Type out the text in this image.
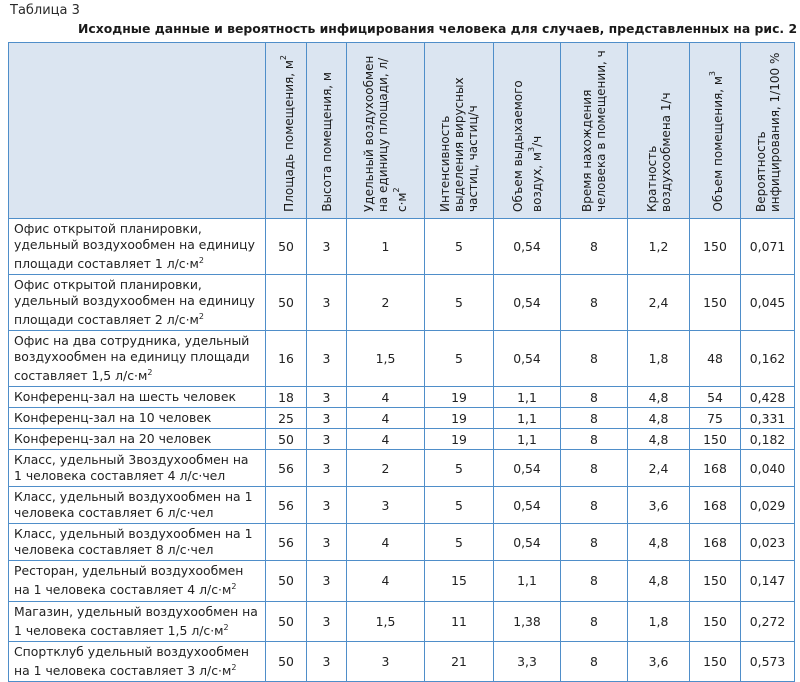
Таблица 3
Исходные данные и вероятность инфицирования человека для случаев, представленных на рис. 2

	Площадь помещения, $м^2$	Высота помещения, м	Удельный воздухообмен на единицу площади, $л/с\cdot м^2$	Интенсивность выделения вирусных частиц, частиц/ч	Объем выдыхаемого воздух, $м^3/ч$	Время нахождения человека в помещении, ч	Кратность воздухообмена 1/ч	Объем помещения, $м^3$	Вероятность инфицирования, 1/100 %

Офис открытой планировки, удельный воздухообмен на единицу площади составляет 1 $л/с\cdot м^2$	50	3	1	5	0,54	8	1,2	150	0,071
Офис открытой планировки, удельный воздухообмен на единицу площади составляет 2 $л/с\cdot м^2$	50	3	2	5	0,54	8	2,4	150	0,045
Офис на два сотрудника, удельный воздухообмен на единицу площади составляет 1,5 $л/с\cdot м^2$	16	3	1,5	5	0,54	8	1,8	48	0,162
Конференц-зал на шесть человек	18	3	4	19	1,1	8	4,8	54	0,428
Конференц-зал на 10 человек	25	3	4	19	1,1	8	4,8	75	0,331
Конференц-зал на 20 человек	50	3	4	19	1,1	8	4,8	150	0,182
Класс, удельный 3воздухообмен на 1 человека составляет 4 л/с·чел	56	3	2	5	0,54	8	2,4	168	0,040
Класс, удельный воздухообмен на 1 человека составляет 6 л/с·чел	56	3	3	5	0,54	8	3,6	168	0,029
Класс, удельный воздухообмен на 1 человека составляет 8 л/с·чел	56	3	4	5	0,54	8	4,8	168	0,023
Ресторан, удельный воздухообмен на 1 человека составляет 4 $л/с\cdot м^2$	50	3	4	15	1,1	8	4,8	150	0,147
Магазин, удельный воздухообмен на 1 человека составляет 1,5 $л/с\cdot м^2$	50	3	1,5	11	1,38	8	1,8	150	0,272
Спортклуб удельный воздухообмен на 1 человека составляет 3 $л/с\cdot м^2$	50	3	3	21	3,3	8	3,6	150	0,573
